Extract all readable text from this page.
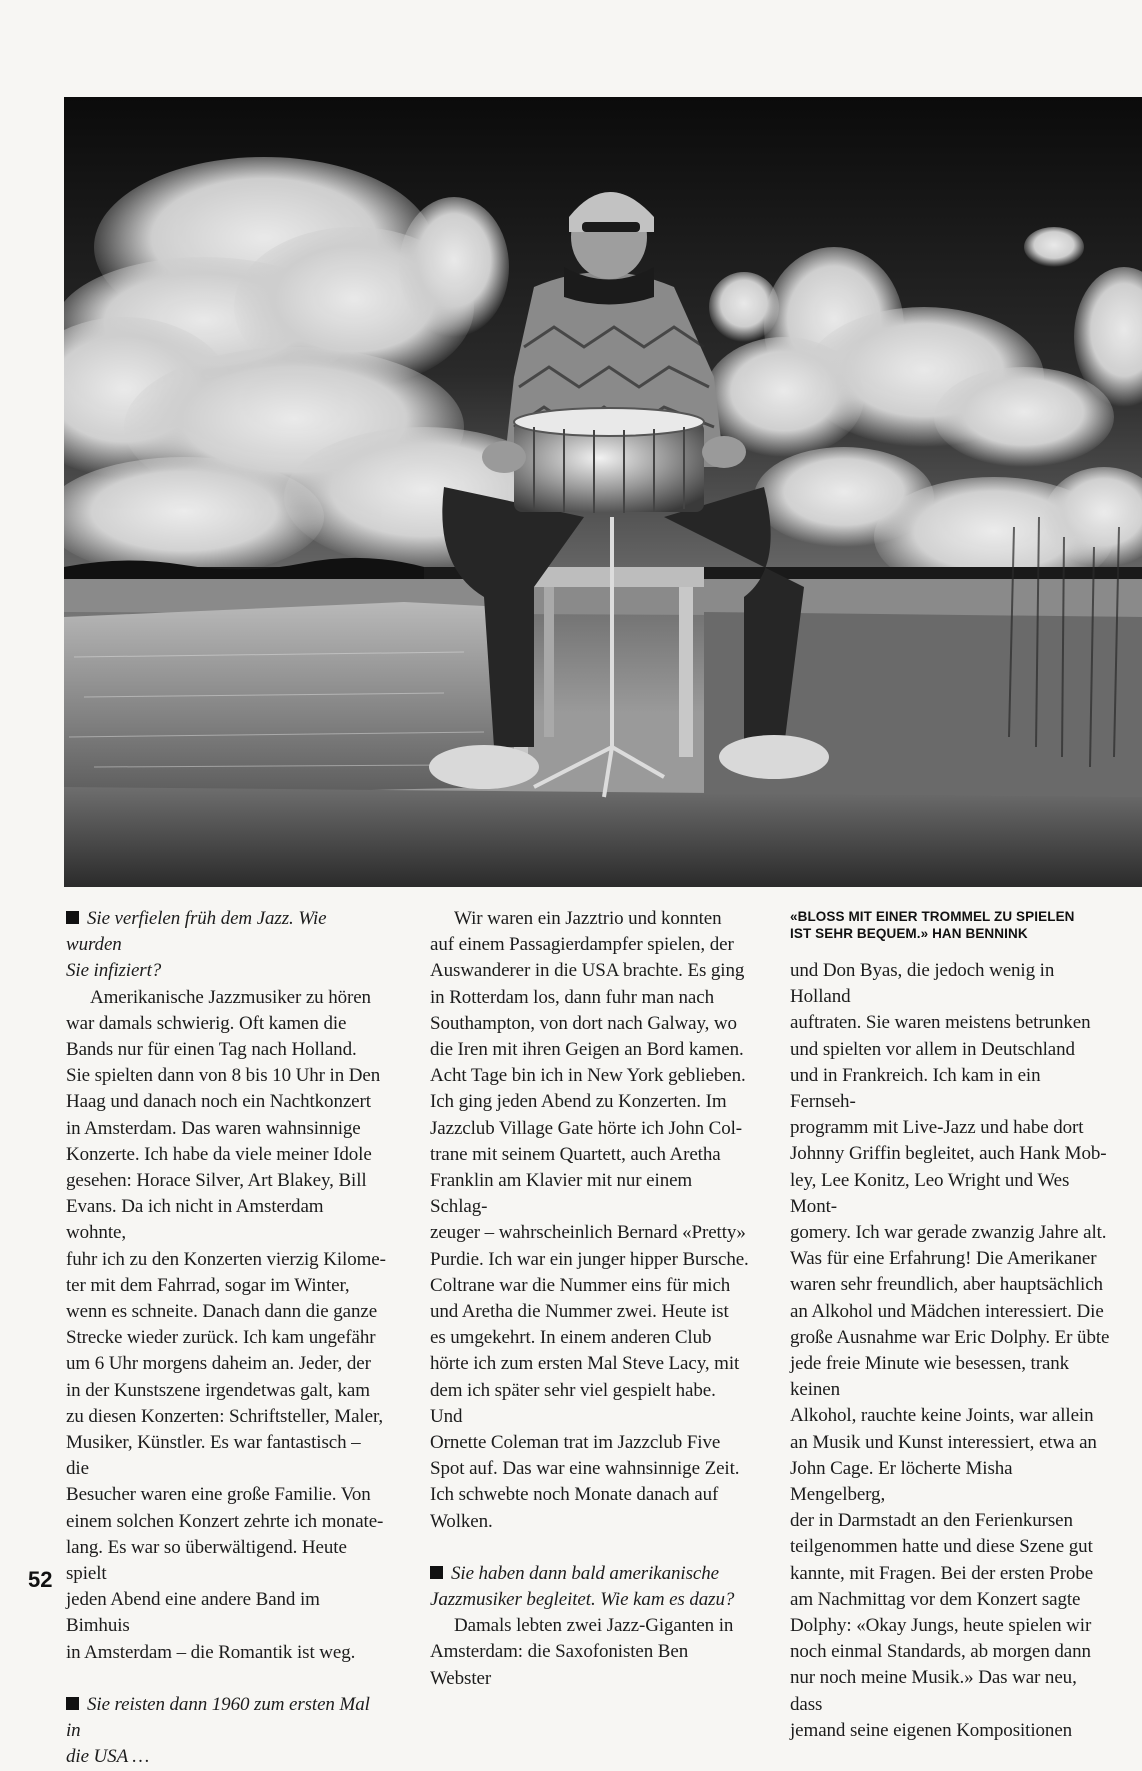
Sie verfielen früh dem Jazz. Wie wurden

Sie infiziert?

Amerikanische Jazzmusiker zu hören

war damals schwierig. Oft kamen die

Bands nur für einen Tag nach Holland.

Sie spielten dann von 8 bis 10 Uhr in Den

Haag und danach noch ein Nachtkonzert

in Amsterdam. Das waren wahnsinnige

Konzerte. Ich habe da viele meiner Idole

gesehen: Horace Silver, Art Blakey, Bill

Evans. Da ich nicht in Amsterdam wohnte,

fuhr ich zu den Konzerten vierzig Kilome-

ter mit dem Fahrrad, sogar im Winter,

wenn es schneite. Danach dann die ganze

Strecke wieder zurück. Ich kam ungefähr

um 6 Uhr morgens daheim an. Jeder, der

in der Kunstszene irgendetwas galt, kam

zu diesen Konzerten: Schriftsteller, Maler,

Musiker, Künstler. Es war fantastisch – die

Besucher waren eine große Familie. Von

einem solchen Konzert zehrte ich monate-

lang. Es war so überwältigend. Heute spielt

jeden Abend eine andere Band im Bimhuis

in Amsterdam – die Romantik ist weg.

Sie reisten dann 1960 zum ersten Mal in

die USA …

Wir waren ein Jazztrio und konnten

auf einem Passagierdampfer spielen, der

Auswanderer in die USA brachte. Es ging

in Rotterdam los, dann fuhr man nach

Southampton, von dort nach Galway, wo

die Iren mit ihren Geigen an Bord kamen.

Acht Tage bin ich in New York geblieben.

Ich ging jeden Abend zu Konzerten. Im

Jazzclub Village Gate hörte ich John Col-

trane mit seinem Quartett, auch Aretha

Franklin am Klavier mit nur einem Schlag-

zeuger – wahrscheinlich Bernard «Pretty»

Purdie. Ich war ein junger hipper Bursche.

Coltrane war die Nummer eins für mich

und Aretha die Nummer zwei. Heute ist

es umgekehrt. In einem anderen Club

hörte ich zum ersten Mal Steve Lacy, mit

dem ich später sehr viel gespielt habe. Und

Ornette Coleman trat im Jazzclub Five

Spot auf. Das war eine wahnsinnige Zeit.

Ich schwebte noch Monate danach auf

Wolken.

Sie haben dann bald amerikanische

Jazzmusiker begleitet. Wie kam es dazu?

Damals lebten zwei Jazz-Giganten in

Amsterdam: die Saxofonisten Ben Webster

«BLOSS MIT EINER TROMMEL ZU SPIELEN
IST SEHR BEQUEM.» HAN BENNINK

und Don Byas, die jedoch wenig in Holland

auftraten. Sie waren meistens betrunken

und spielten vor allem in Deutschland

und in Frankreich. Ich kam in ein Fernseh-

programm mit Live-Jazz und habe dort

Johnny Griffin begleitet, auch Hank Mob-

ley, Lee Konitz, Leo Wright und Wes Mont-

gomery. Ich war gerade zwanzig Jahre alt.

Was für eine Erfahrung! Die Amerikaner

waren sehr freundlich, aber hauptsächlich

an Alkohol und Mädchen interessiert. Die

große Ausnahme war Eric Dolphy. Er übte

jede freie Minute wie besessen, trank keinen

Alkohol, rauchte keine Joints, war allein

an Musik und Kunst interessiert, etwa an

John Cage. Er löcherte Misha Mengelberg,

der in Darmstadt an den Ferienkursen

teilgenommen hatte und diese Szene gut

kannte, mit Fragen. Bei der ersten Probe

am Nachmittag vor dem Konzert sagte

Dolphy: «Okay Jungs, heute spielen wir

noch einmal Standards, ab morgen dann

nur noch meine Musik.» Das war neu, dass

jemand seine eigenen Kompositionen

52
